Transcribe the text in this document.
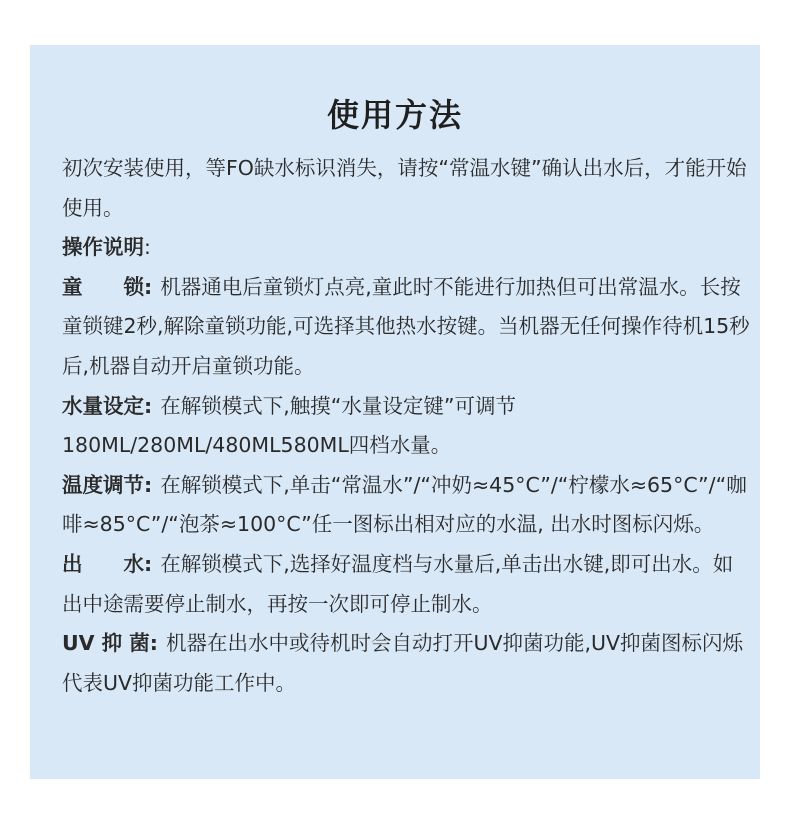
使用方法

初次安装使用，等FO缺水标识消失，请按“常温水键”确认出水后，才能开始使用。

操作说明:

童　　锁: 机器通电后童锁灯点亮,童此时不能进行加热但可出常温水。长按童锁键2秒,解除童锁功能,可选择其他热水按键。当机器无任何操作待机15秒后,机器自动开启童锁功能。

水量设定: 在解锁模式下,触摸“水量设定键”可调节180ML/280ML/480ML580ML四档水量。

温度调节: 在解锁模式下,单击“常温水”/“冲奶≈45°C”/“柠檬水≈65°C”/“咖啡≈85°C”/“泡茶≈100°C”任一图标出相对应的水温, 出水时图标闪烁。

出　　水: 在解锁模式下,选择好温度档与水量后,单击出水键,即可出水。如出中途需要停止制水，再按一次即可停止制水。

UV 抑 菌: 机器在出水中或待机时会自动打开UV抑菌功能,UV抑菌图标闪烁代表UV抑菌功能工作中。
